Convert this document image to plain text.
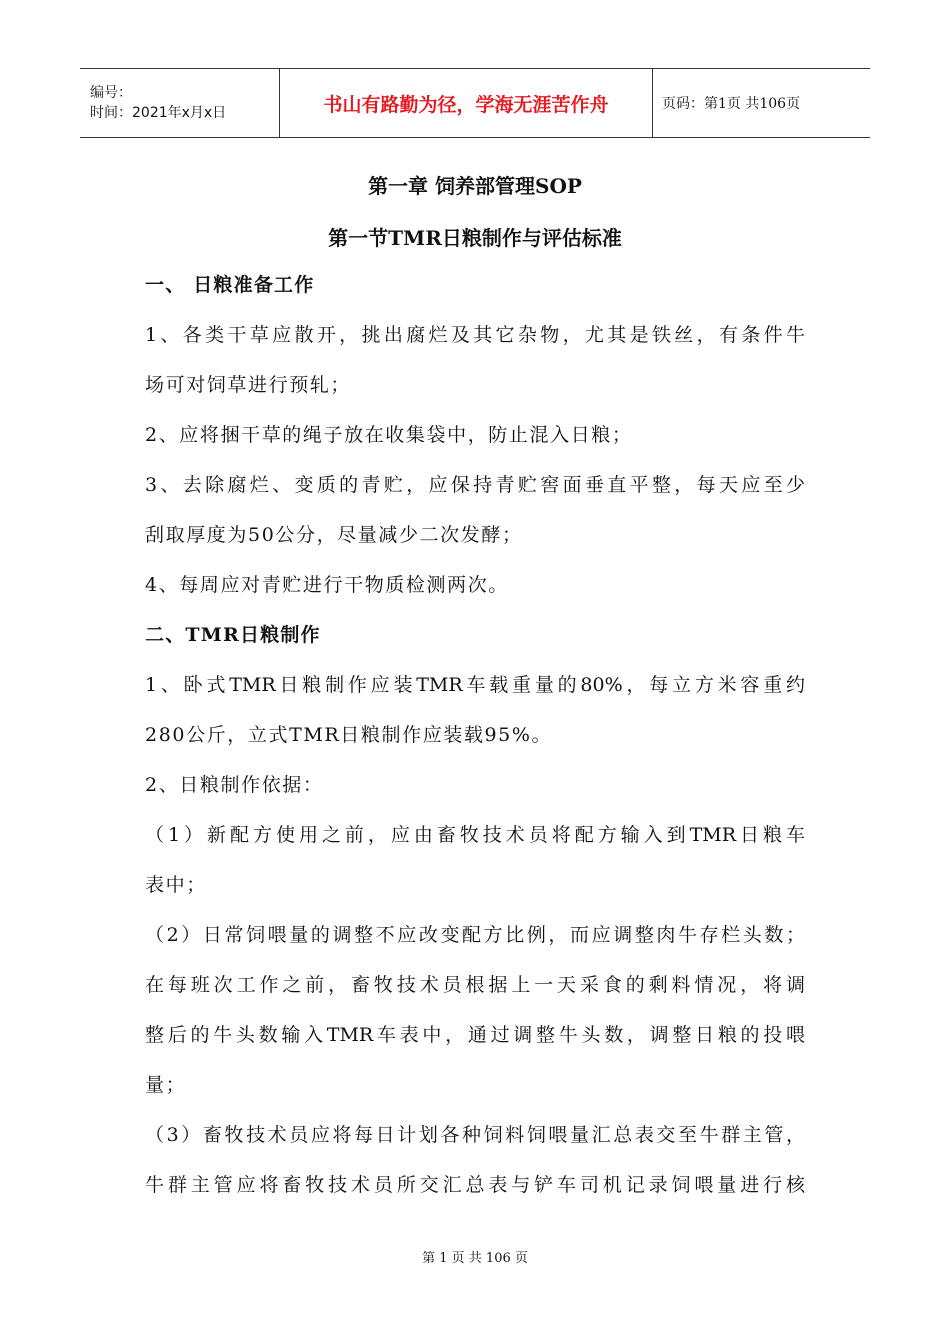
编号：
时间：2021年x月x日	书山有路勤为径，学海无涯苦作舟	页码：第1页 共106页
第一章 饲养部管理SOP
第一节TMR日粮制作与评估标准
一、 日粮准备工作
1、各类干草应散开，挑出腐烂及其它杂物，尤其是铁丝，有条件牛
场可对饲草进行预轧；
2、应将捆干草的绳子放在收集袋中，防止混入日粮；
3、去除腐烂、变质的青贮，应保持青贮窖面垂直平整，每天应至少
刮取厚度为50公分，尽量减少二次发酵；
4、每周应对青贮进行干物质检测两次。
二、TMR日粮制作
1、卧式TMR日粮制作应装TMR车载重量的80%，每立方米容重约
280公斤，立式TMR日粮制作应装载95%。
2、日粮制作依据：
（1）新配方使用之前，应由畜牧技术员将配方输入到TMR日粮车
表中；
（2）日常饲喂量的调整不应改变配方比例，而应调整肉牛存栏头数；
在每班次工作之前，畜牧技术员根据上一天采食的剩料情况，将调
整后的牛头数输入TMR车表中，通过调整牛头数，调整日粮的投喂
量；
（3）畜牧技术员应将每日计划各种饲料饲喂量汇总表交至牛群主管，
牛群主管应将畜牧技术员所交汇总表与铲车司机记录饲喂量进行核
第 1 页 共 106 页
